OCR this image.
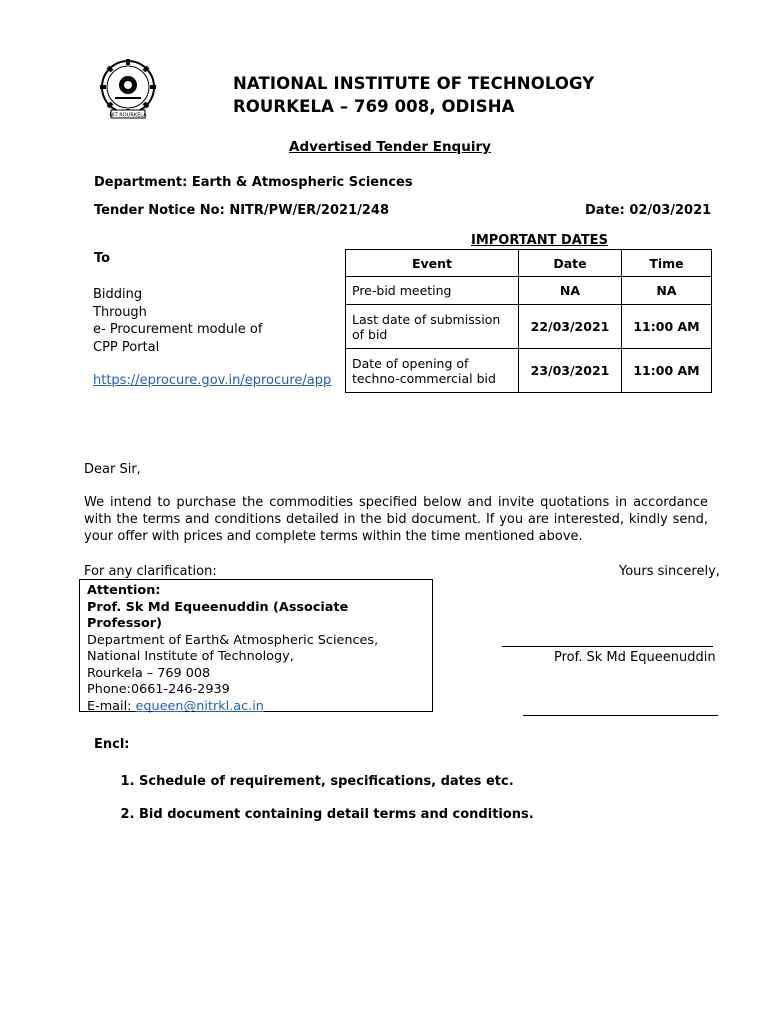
NIT ROURKELA
NATIONAL INSTITUTE OF TECHNOLOGY
ROURKELA – 769 008, ODISHA
Advertised Tender Enquiry
Department: Earth & Atmospheric Sciences
Tender Notice No: NITR/PW/ER/2021/248	Date: 02/03/2021
To
Bidding
Through
e- Procurement module of
CPP Portal
https://eprocure.gov.in/eprocure/app
IMPORTANT DATES
Event	Date	Time
Pre-bid meeting	NA	NA
Last date of submission of bid	22/03/2021	11:00 AM
Date of opening of techno-commercial bid	23/03/2021	11:00 AM
Dear Sir,
We intend to purchase the commodities specified below and invite quotations in accordance with the terms and conditions detailed in the bid document. If you are interested, kindly send, your offer with prices and complete terms within the time mentioned above.
For any clarification:	Yours sincerely,
Attention:
Prof. Sk Md Equeenuddin (Associate Professor)
Department of Earth& Atmospheric Sciences,
National Institute of Technology,
Rourkela – 769 008
Phone:0661-246-2939
E-mail: equeen@nitrkl.ac.in
Prof. Sk Md Equeenuddin
Encl:
1. Schedule of requirement, specifications, dates etc.
2. Bid document containing detail terms and conditions.
